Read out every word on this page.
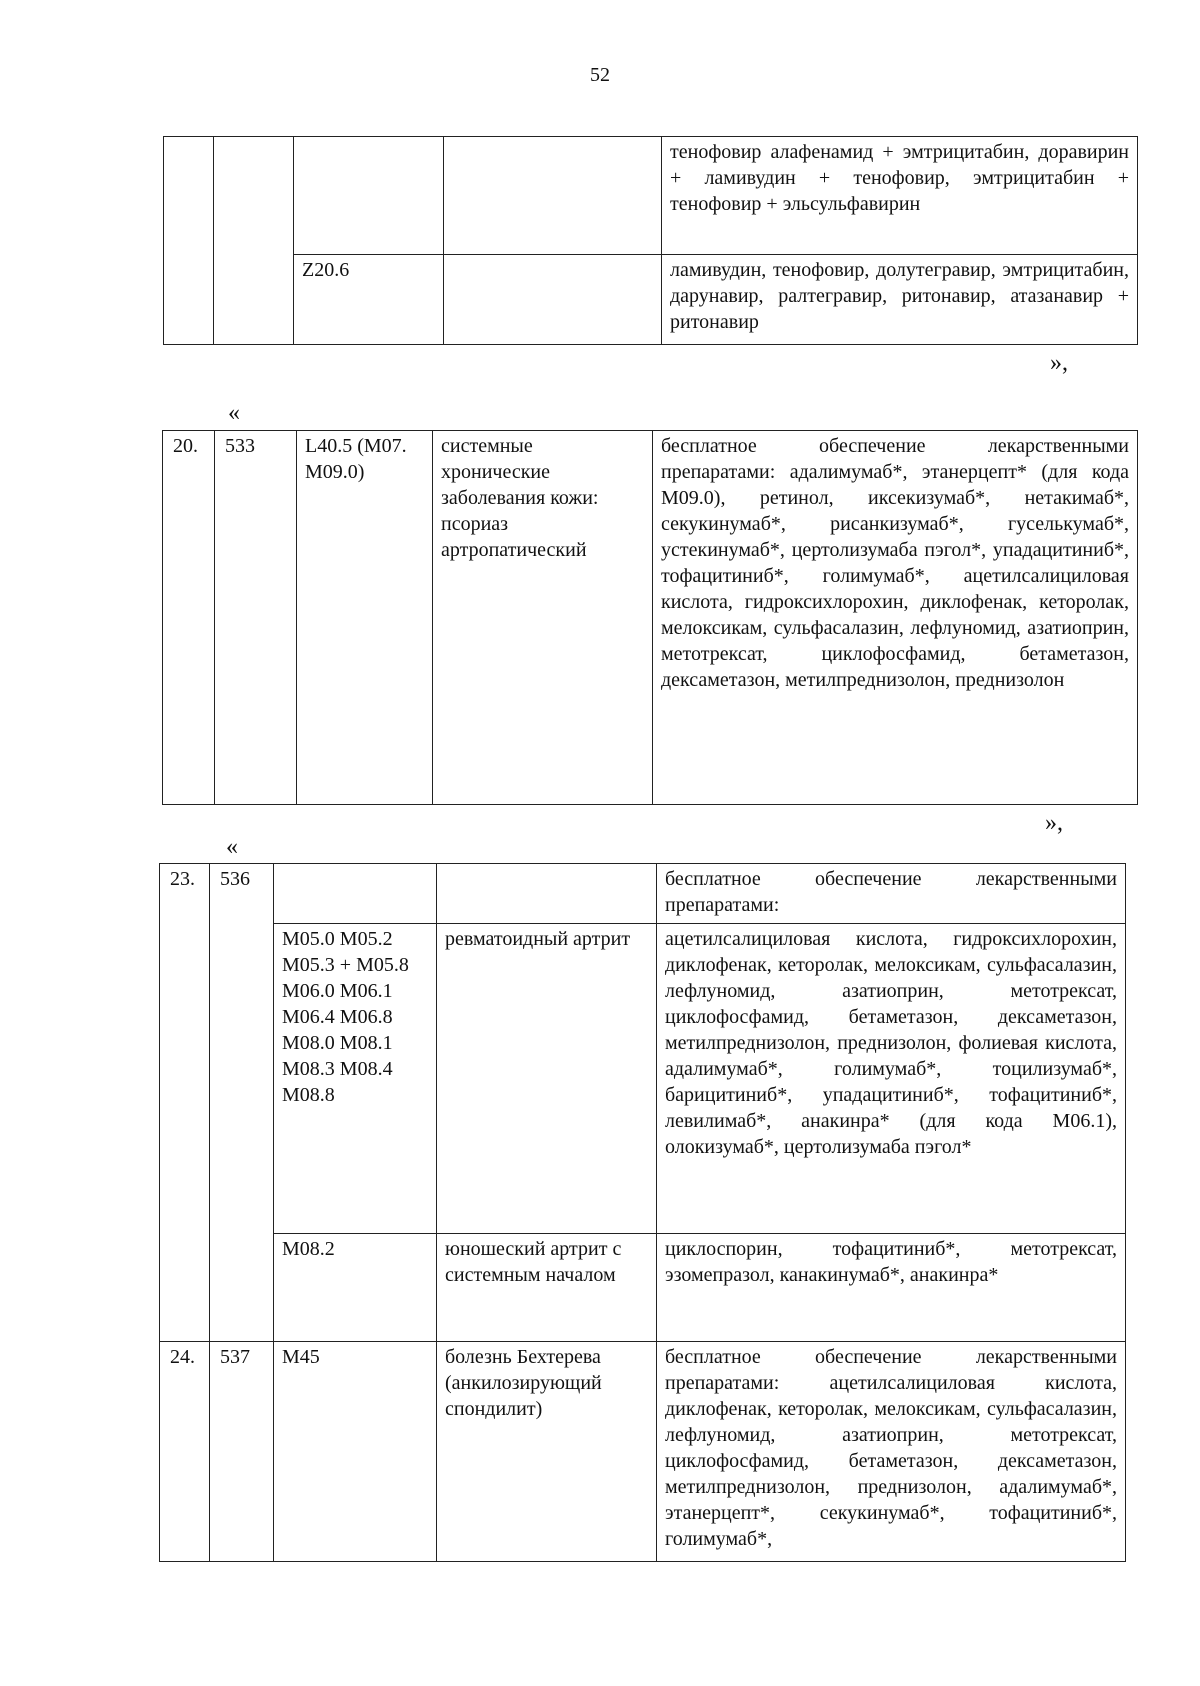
52
				тенофовир алафенамид + эмтрицитабин, доравирин + ламивудин + тенофовир, эмтрицитабин + тенофовир + эльсульфавирин
		Z20.6		ламивудин, тенофовир, долутегравир, эмтрицитабин, дарунавир, ралтегравир, ритонавир, атазанавир + ритонавир
»,
«
20.	533	L40.5 (M07.M09.0)	системные хронические заболевания кожи: псориаз артропатический	бесплатное обеспечение лекарственными препаратами: адалимумаб*, этанерцепт* (для кода M09.0), ретинол, иксекизумаб*, нетакимаб*, секукинумаб*, рисанкизумаб*, гуселькумаб*, устекинумаб*, цертолизумаба пэгол*, упадацитиниб*, тофацитиниб*, голимумаб*, ацетилсалициловая кислота, гидроксихлорохин, диклофенак, кеторолак, мелоксикам, сульфасалазин, лефлуномид, азатиоприн, метотрексат, циклофосфамид, бетаметазон, дексаметазон, метилпреднизолон, преднизолон
»,
«
23.	536			бесплатное обеспечение лекарственными препаратами:
		M05.0 M05.2 M05.3 + M05.8 M06.0 M06.1 M06.4 M06.8 M08.0 M08.1 M08.3 M08.4 M08.8	ревматоидный артрит	ацетилсалициловая кислота, гидроксихлорохин, диклофенак, кеторолак, мелоксикам, сульфасалазин, лефлуномид, азатиоприн, метотрексат, циклофосфамид, бетаметазон, дексаметазон, метилпреднизолон, преднизолон, фолиевая кислота, адалимумаб*, голимумаб*, тоцилизумаб*, барицитиниб*, упадацитиниб*, тофацитиниб*, левилимаб*, анакинра* (для кода M06.1), олокизумаб*, цертолизумаба пэгол*
		M08.2	юношеский артрит с системным началом	циклоспорин, тофацитиниб*, метотрексат, эзомепразол, канакинумаб*, анакинра*
24.	537	M45	болезнь Бехтерева (анкилозирующий спондилит)	бесплатное обеспечение лекарственными препаратами: ацетилсалициловая кислота, диклофенак, кеторолак, мелоксикам, сульфасалазин, лефлуномид, азатиоприн, метотрексат, циклофосфамид, бетаметазон, дексаметазон, метилпреднизолон, преднизолон, адалимумаб*, этанерцепт*, секукинумаб*, тофацитиниб*, голимумаб*,
